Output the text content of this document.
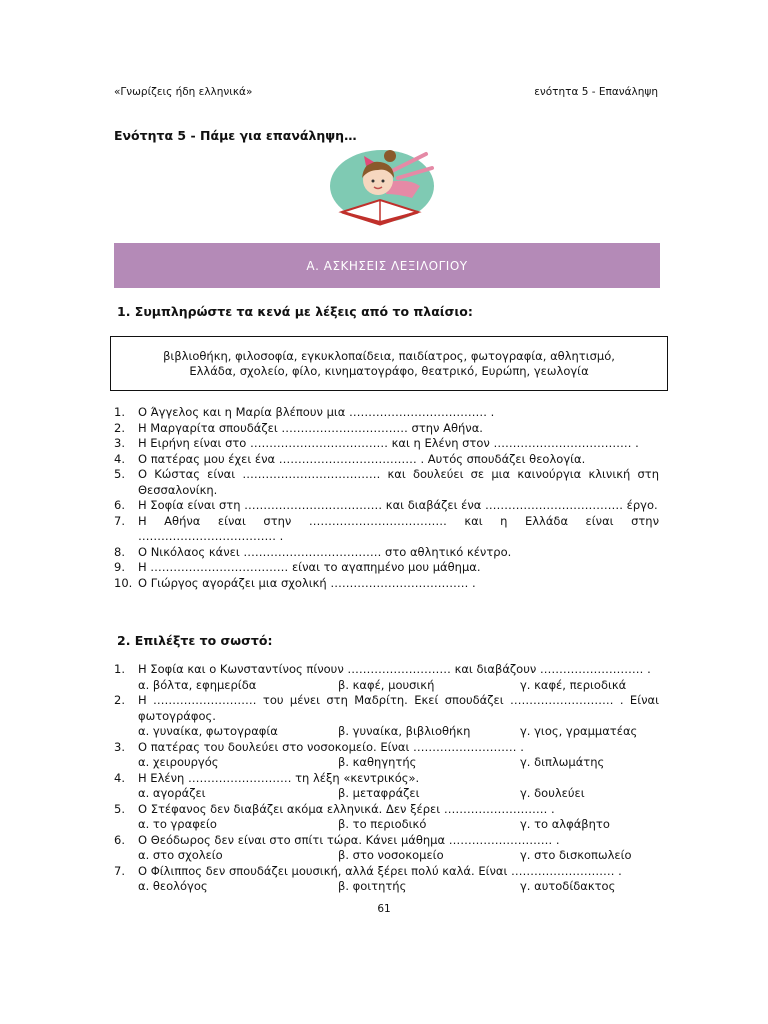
«Γνωρίζεις ήδη ελληνικά»	ενότητα 5 - Επανάληψη
Ενότητα 5 - Πάμε για επανάληψη…
Α. ΑΣΚΗΣΕΙΣ ΛΕΞΙΛΟΓΙΟΥ
1. Συμπληρώστε τα κενά με λέξεις από το πλαίσιο:
βιβλιοθήκη, φιλοσοφία, εγκυκλοπαίδεια, παιδίατρος, φωτογραφία, αθλητισμό,
Ελλάδα, σχολείο, φίλο, κινηματογράφο, θεατρικό, Ευρώπη, γεωλογία
1.	Ο Άγγελος και η Μαρία βλέπουν μια ……………………………… .
2.	Η Μαργαρίτα σπουδάζει …………………………… στην Αθήνα.
3.	Η Ειρήνη είναι στο ……………………………… και η Ελένη στον ……………………………… .
4.	Ο πατέρας μου έχει ένα ……………………………… . Αυτός σπουδάζει θεολογία.
5.	Ο Κώστας είναι ……………………………… και δουλεύει σε μια καινούργια κλινική στη Θεσσαλονίκη.
6.	Η Σοφία είναι στη ……………………………… και διαβάζει ένα ……………………………… έργο.
7.	Η Αθήνα είναι στην ……………………………… και η Ελλάδα είναι στην ……………………………… .
8.	Ο Νικόλαος κάνει ……………………………… στο αθλητικό κέντρο.
9.	Η ……………………………… είναι το αγαπημένο μου μάθημα.
10. Ο Γιώργος αγοράζει μια σχολική ……………………………… .
2. Επιλέξτε το σωστό:
1.	Η Σοφία και ο Κωνσταντίνος πίνουν ……………………… και διαβάζουν ……………………… .
α. βόλτα, εφημερίδα	β. καφέ, μουσική	γ. καφέ, περιοδικά
2.	Η ……………………… του μένει στη Μαδρίτη. Εκεί σπουδάζει ……………………… . Είναι φωτογράφος.
α. γυναίκα, φωτογραφία	β. γυναίκα, βιβλιοθήκη	γ. γιος, γραμματέας
3.	Ο πατέρας του δουλεύει στο νοσοκομείο. Είναι ……………………… .
α. χειρουργός	β. καθηγητής	γ. διπλωμάτης
4.	Η Ελένη ……………………… τη λέξη «κεντρικός».
α. αγοράζει	β. μεταφράζει	γ. δουλεύει
5.	Ο Στέφανος δεν διαβάζει ακόμα ελληνικά. Δεν ξέρει ……………………… .
α. το γραφείο	β. το περιοδικό	γ. το αλφάβητο
6.	Ο Θεόδωρος δεν είναι στο σπίτι τώρα. Κάνει μάθημα ……………………… .
α. στο σχολείο	β. στο νοσοκομείο	γ. στο δισκοπωλείο
7.	Ο Φίλιππος δεν σπουδάζει μουσική, αλλά ξέρει πολύ καλά. Είναι ……………………… .
α. θεολόγος	β. φοιτητής	γ. αυτοδίδακτος
61
